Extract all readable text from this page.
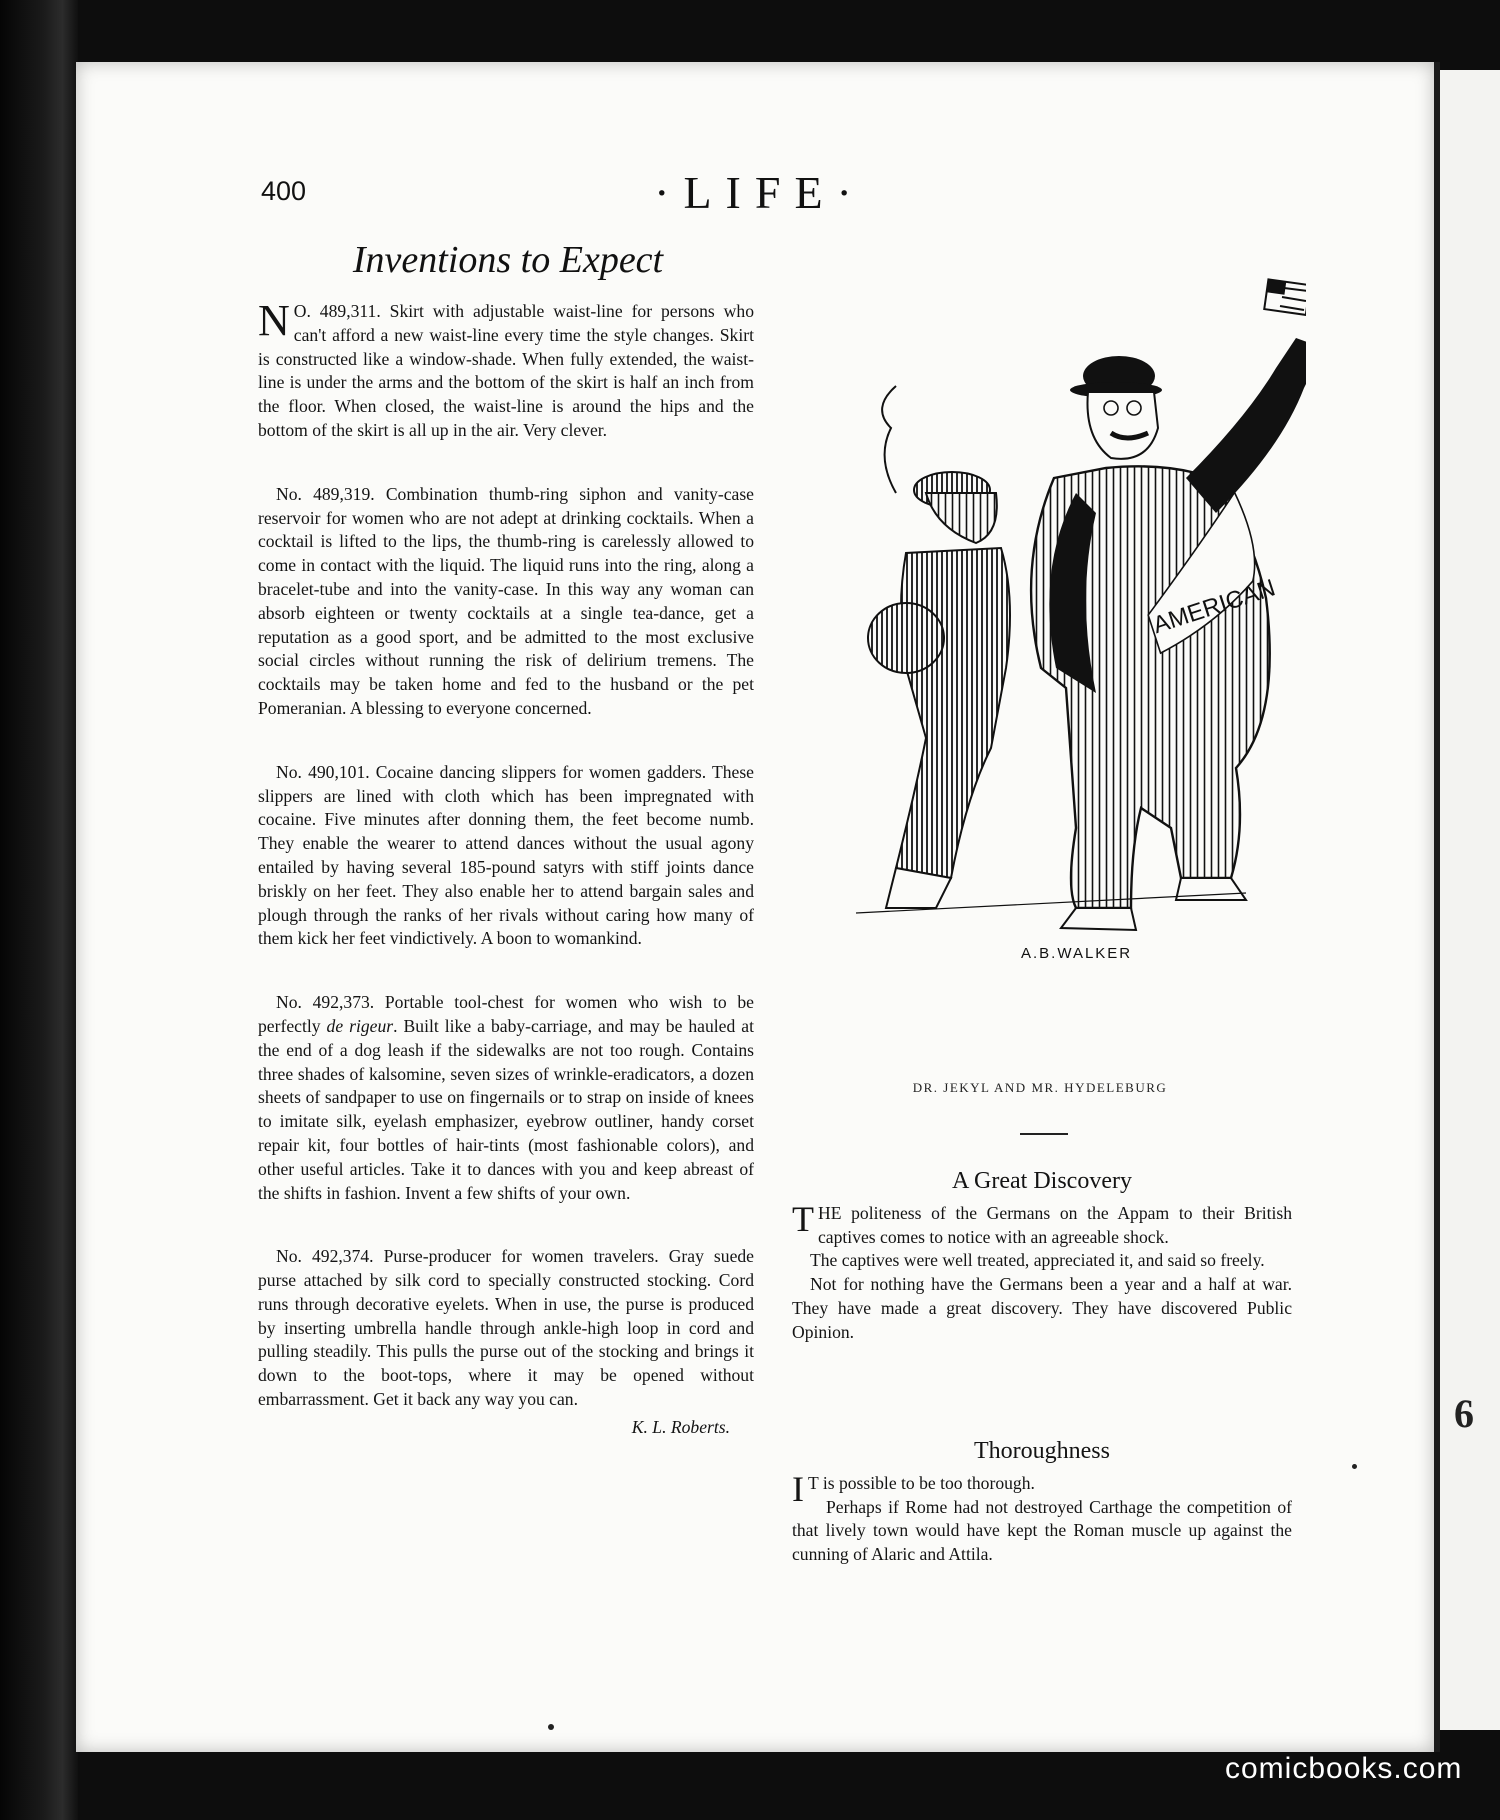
6
400	·LIFE·
Inventions to Expect

N O. 489,311. Skirt with adjustable waist-line for persons who can't afford a new waist-line every time the style changes. Skirt is constructed like a window-shade. When fully extended, the waist-line is under the arms and the bottom of the skirt is half an inch from the floor. When closed, the waist-line is around the hips and the bottom of the skirt is all up in the air. Very clever.

No. 489,319. Combination thumb-ring siphon and vanity-case reservoir for women who are not adept at drinking cocktails. When a cocktail is lifted to the lips, the thumb-ring is carelessly allowed to come in contact with the liquid. The liquid runs into the ring, along a bracelet-tube and into the vanity-case. In this way any woman can absorb eighteen or twenty cocktails at a single tea-dance, get a reputation as a good sport, and be admitted to the most exclusive social circles without running the risk of delirium tremens. The cocktails may be taken home and fed to the husband or the pet Pomeranian. A blessing to everyone concerned.

No. 490,101. Cocaine dancing slippers for women gadders. These slippers are lined with cloth which has been impregnated with cocaine. Five minutes after donning them, the feet become numb. They enable the wearer to attend dances without the usual agony entailed by having several 185-pound satyrs with stiff joints dance briskly on her feet. They also enable her to attend bargain sales and plough through the ranks of her rivals without caring how many of them kick her feet vindictively. A boon to womankind.

No. 492,373. Portable tool-chest for women who wish to be perfectly de rigeur. Built like a baby-carriage, and may be hauled at the end of a dog leash if the sidewalks are not too rough. Contains three shades of kalsomine, seven sizes of wrinkle-eradicators, a dozen sheets of sandpaper to use on fingernails or to strap on inside of knees to imitate silk, eyelash emphasizer, eyebrow outliner, handy corset repair kit, four bottles of hair-tints (most fashionable colors), and other useful articles. Take it to dances with you and keep abreast of the shifts in fashion. Invent a few shifts of your own.

No. 492,374. Purse-producer for women travelers. Gray suede purse attached by silk cord to specially constructed stocking. Cord runs through decorative eyelets. When in use, the purse is produced by inserting umbrella handle through ankle-high loop in cord and pulling steadily. This pulls the purse out of the stocking and brings it down to the boot-tops, where it may be opened without embarrassment. Get it back any way you can.

K. L. Roberts.
AMERICAN
A.B.WALKER
DR. JEKYL AND MR. HYDELEBURG
A Great Discovery

THE politeness of the Germans on the Appam to their British captives comes to notice with an agreeable shock.

The captives were well treated, appreciated it, and said so freely.

Not for nothing have the Germans been a year and a half at war. They have made a great discovery. They have discovered Public Opinion.

Thoroughness

I T is possible to be too thorough.

Perhaps if Rome had not destroyed Carthage the competition of that lively town would have kept the Roman muscle up against the cunning of Alaric and Attila.

comicbooks.com
